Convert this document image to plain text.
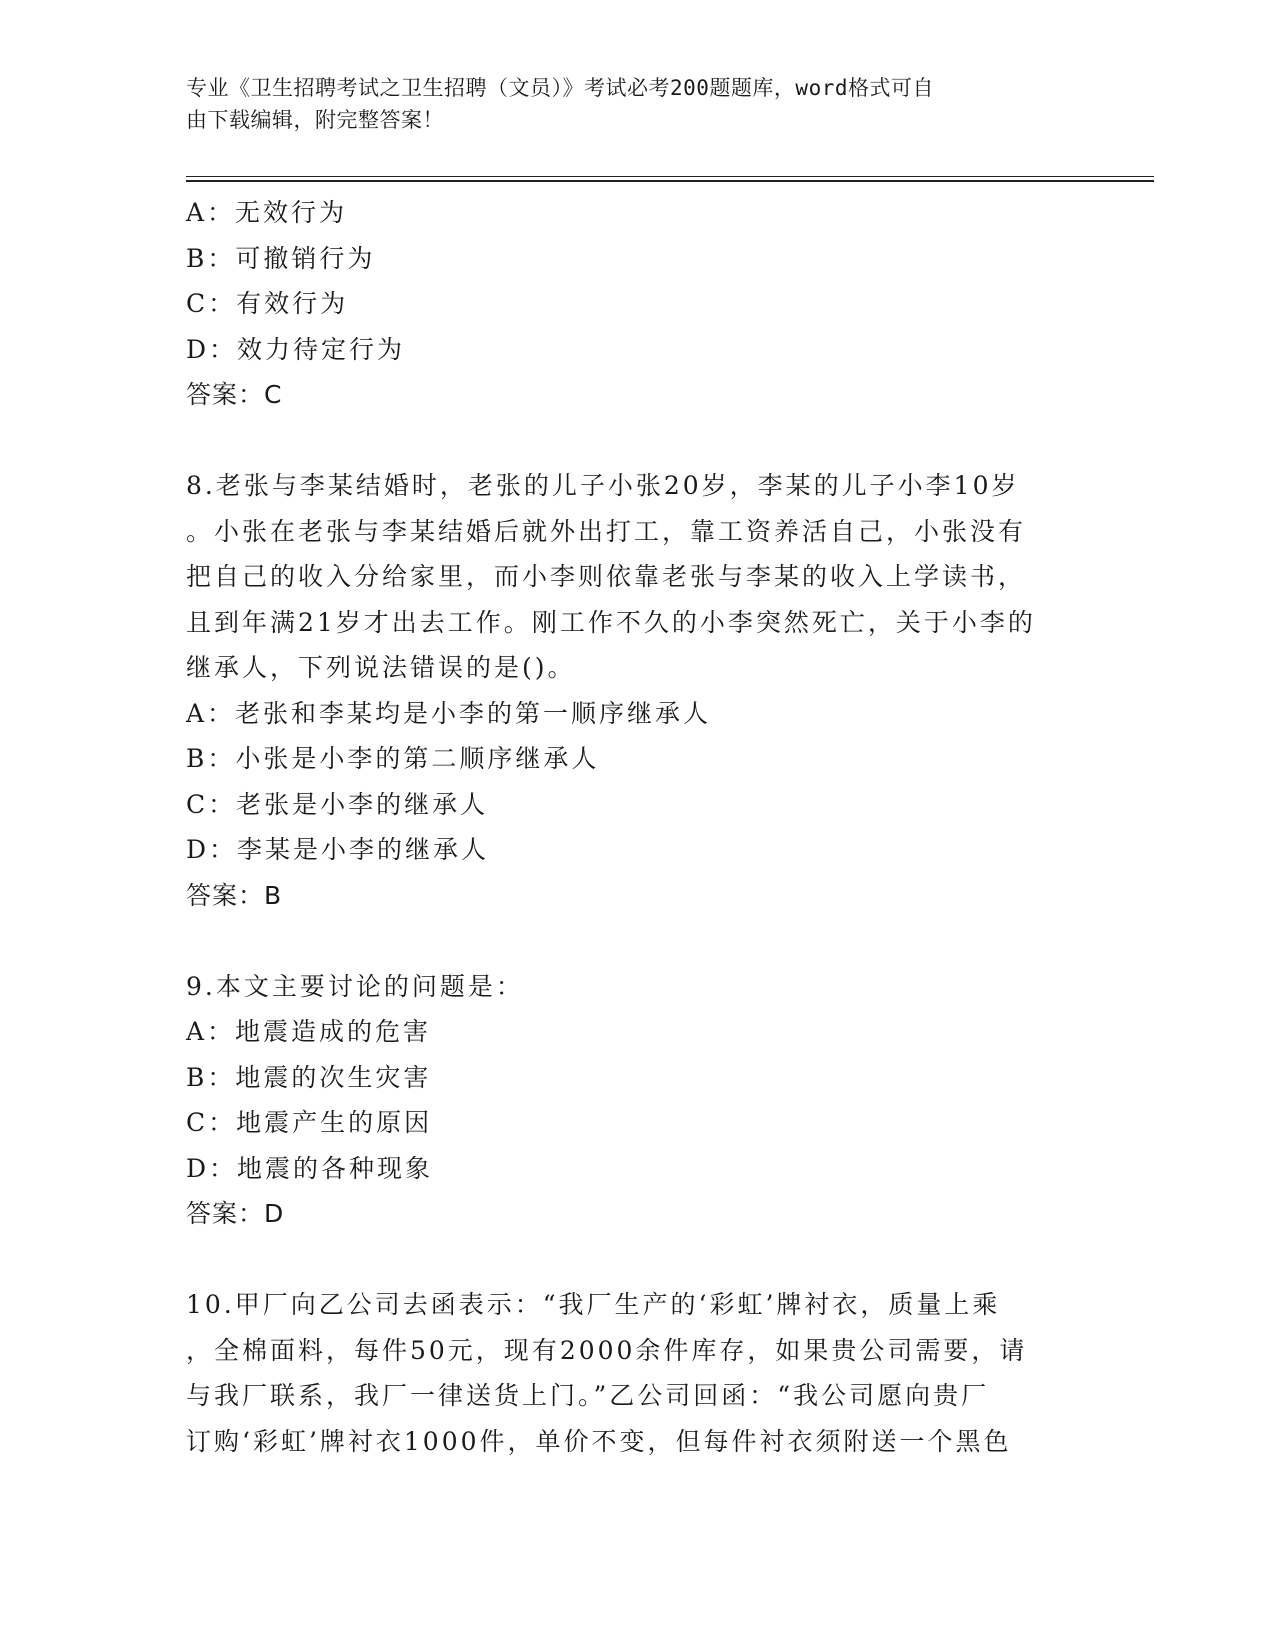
专业《卫生招聘考试之卫生招聘（文员）》考试必考200题题库，word格式可自
由下载编辑，附完整答案！
A：无效行为
B：可撤销行为
C：有效行为
D：效力待定行为
答案：C
8.老张与李某结婚时，老张的儿子小张20岁，李某的儿子小李10岁
。小张在老张与李某结婚后就外出打工，靠工资养活自己，小张没有
把自己的收入分给家里，而小李则依靠老张与李某的收入上学读书，
且到年满21岁才出去工作。刚工作不久的小李突然死亡，关于小李的
继承人，下列说法错误的是()。
A：老张和李某均是小李的第一顺序继承人
B：小张是小李的第二顺序继承人
C：老张是小李的继承人
D：李某是小李的继承人
答案：B
9.本文主要讨论的问题是：
A：地震造成的危害
B：地震的次生灾害
C：地震产生的原因
D：地震的各种现象
答案：D
10.甲厂向乙公司去函表示：“我厂生产的‘彩虹’牌衬衣，质量上乘
，全棉面料，每件50元，现有2000余件库存，如果贵公司需要，请
与我厂联系，我厂一律送货上门。”乙公司回函：“我公司愿向贵厂
订购‘彩虹’牌衬衣1000件，单价不变，但每件衬衣须附送一个黑色
